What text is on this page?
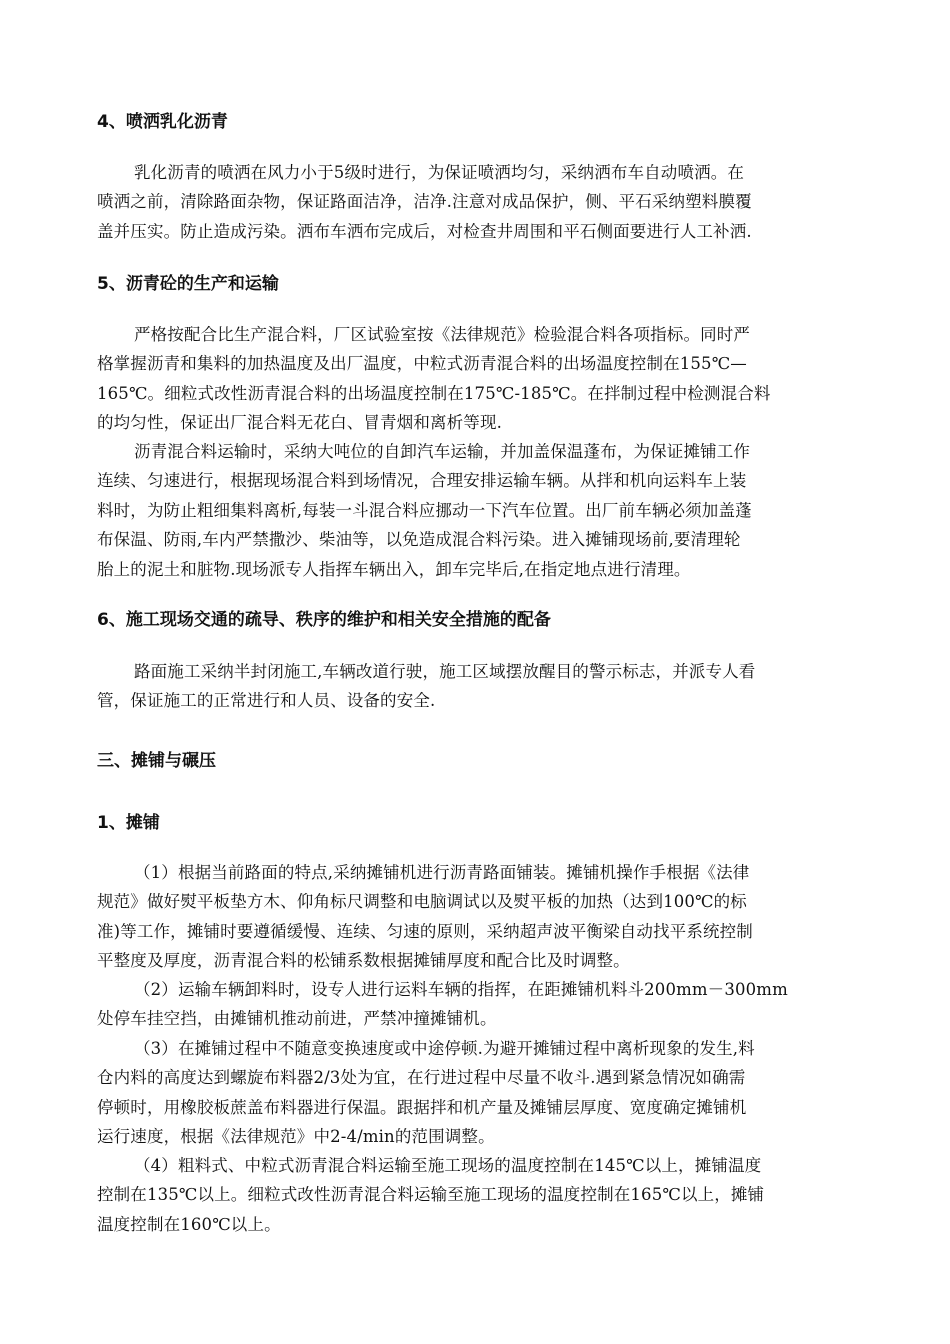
4、喷洒乳化沥青
乳化沥青的喷洒在风力小于5级时进行，为保证喷洒均匀，采纳洒布车自动喷洒。在
喷洒之前，清除路面杂物，保证路面洁净，洁净.注意对成品保护，侧、平石采纳塑料膜覆
盖并压实。防止造成污染。洒布车洒布完成后，对检查井周围和平石侧面要进行人工补洒.
5、沥青砼的生产和运输
严格按配合比生产混合料，厂区试验室按《法律规范》检验混合料各项指标。同时严
格掌握沥青和集料的加热温度及出厂温度，中粒式沥青混合料的出场温度控制在155℃—
165℃。细粒式改性沥青混合料的出场温度控制在175℃-185℃。在拌制过程中检测混合料
的均匀性，保证出厂混合料无花白、冒青烟和离析等现.
沥青混合料运输时，采纳大吨位的自卸汽车运输，并加盖保温蓬布，为保证摊铺工作
连续、匀速进行，根据现场混合料到场情况，合理安排运输车辆。从拌和机向运料车上装
料时，为防止粗细集料离析,每装一斗混合料应挪动一下汽车位置。出厂前车辆必须加盖蓬
布保温、防雨,车内严禁撒沙、柴油等，以免造成混合料污染。进入摊铺现场前,要清理轮
胎上的泥土和脏物.现场派专人指挥车辆出入，卸车完毕后,在指定地点进行清理。
6、施工现场交通的疏导、秩序的维护和相关安全措施的配备
路面施工采纳半封闭施工,车辆改道行驶，施工区域摆放醒目的警示标志，并派专人看
管，保证施工的正常进行和人员、设备的安全.
三、摊铺与碾压
1、摊铺
（1）根据当前路面的特点,采纳摊铺机进行沥青路面铺装。摊铺机操作手根据《法律
规范》做好熨平板垫方木、仰角标尺调整和电脑调试以及熨平板的加热（达到100℃的标
准)等工作，摊铺时要遵循缓慢、连续、匀速的原则，采纳超声波平衡梁自动找平系统控制
平整度及厚度，沥青混合料的松铺系数根据摊铺厚度和配合比及时调整。
（2）运输车辆卸料时，设专人进行运料车辆的指挥，在距摊铺机料斗200mm－300mm
处停车挂空挡，由摊铺机推动前进，严禁冲撞摊铺机。
（3）在摊铺过程中不随意变换速度或中途停顿.为避开摊铺过程中离析现象的发生,料
仓内料的高度达到螺旋布料器2/3处为宜，在行进过程中尽量不收斗.遇到紧急情况如确需
停顿时，用橡胶板蔗盖布料器进行保温。跟据拌和机产量及摊铺层厚度、宽度确定摊铺机
运行速度，根据《法律规范》中2-4/min的范围调整。
（4）粗料式、中粒式沥青混合料运输至施工现场的温度控制在145℃以上，摊铺温度
控制在135℃以上。细粒式改性沥青混合料运输至施工现场的温度控制在165℃以上，摊铺
温度控制在160℃以上。
